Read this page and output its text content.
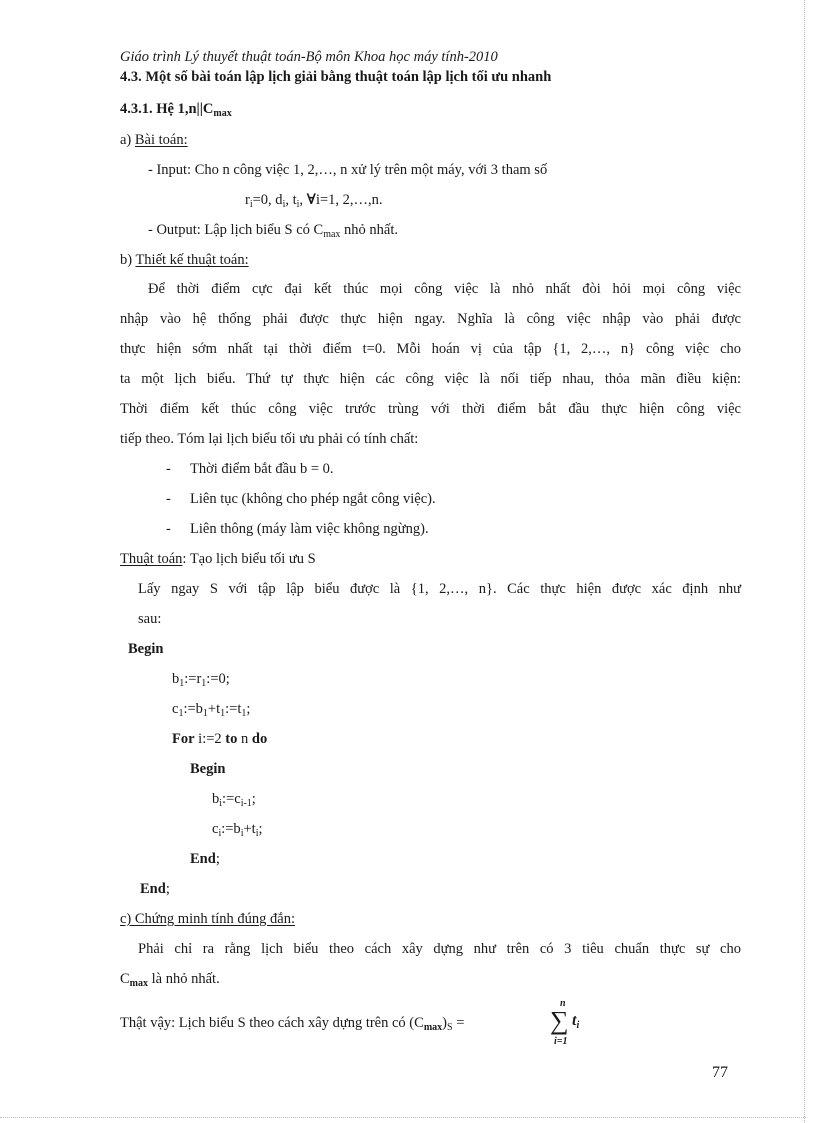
Giáo trình Lý thuyết thuật toán-Bộ môn Khoa học máy tính-2010
4.3. Một số bài toán lập lịch giải bằng thuật toán lập lịch tối ưu nhanh
4.3.1. Hệ $1,n||C_{max}$
a) Bài toán:
- Input: Cho n công việc 1, 2,…, n xử lý trên một máy, với 3 tham số
$r_i=0$, $d_i$, $t_i$, ∀i=1, 2,…,n.
- Output: Lập lịch biểu S có $C_{max}$ nhỏ nhất.
b) Thiết kế thuật toán:
Để thời điểm cực đại kết thúc mọi công việc là nhỏ nhất đòi hỏi mọi công việc
nhập vào hệ thống phải được thực hiện ngay. Nghĩa là công việc nhập vào phải được
thực hiện sớm nhất tại thời điểm t=0. Mỗi hoán vị của tập {1, 2,…, n} công việc cho
ta một lịch biểu. Thứ tự thực hiện các công việc là nối tiếp nhau, thỏa mãn điều kiện:
Thời điểm kết thúc công việc trước trùng với thời điểm bắt đầu thực hiện công việc
tiếp theo. Tóm lại lịch biểu tối ưu phải có tính chất:
- Thời điểm bắt đầu b = 0.
- Liên tục (không cho phép ngắt công việc).
- Liên thông (máy làm việc không ngừng).
Thuật toán: Tạo lịch biểu tối ưu S
Lấy ngay S với tập lập biểu được là {1, 2,…, n}. Các thực hiện được xác định như
sau:
Begin
$b_1:=r_1:=0$;
$c_1:=b_1+t_1:=t_1$;
For i:=2 to n do
Begin
$b_i:=c_{i-1}$;
$c_i:=b_i+t_i$;
End;
End;
c) Chứng minh tính đúng đắn:
Phải chỉ ra rằng lịch biểu theo cách xây dựng như trên có 3 tiêu chuẩn thực sự cho
$C_{max}$ là nhỏ nhất.
Thật vậy: Lịch biểu S theo cách xây dựng trên có $(C_{max})_S$ =
n
∑
i=1
$t_i$
77
